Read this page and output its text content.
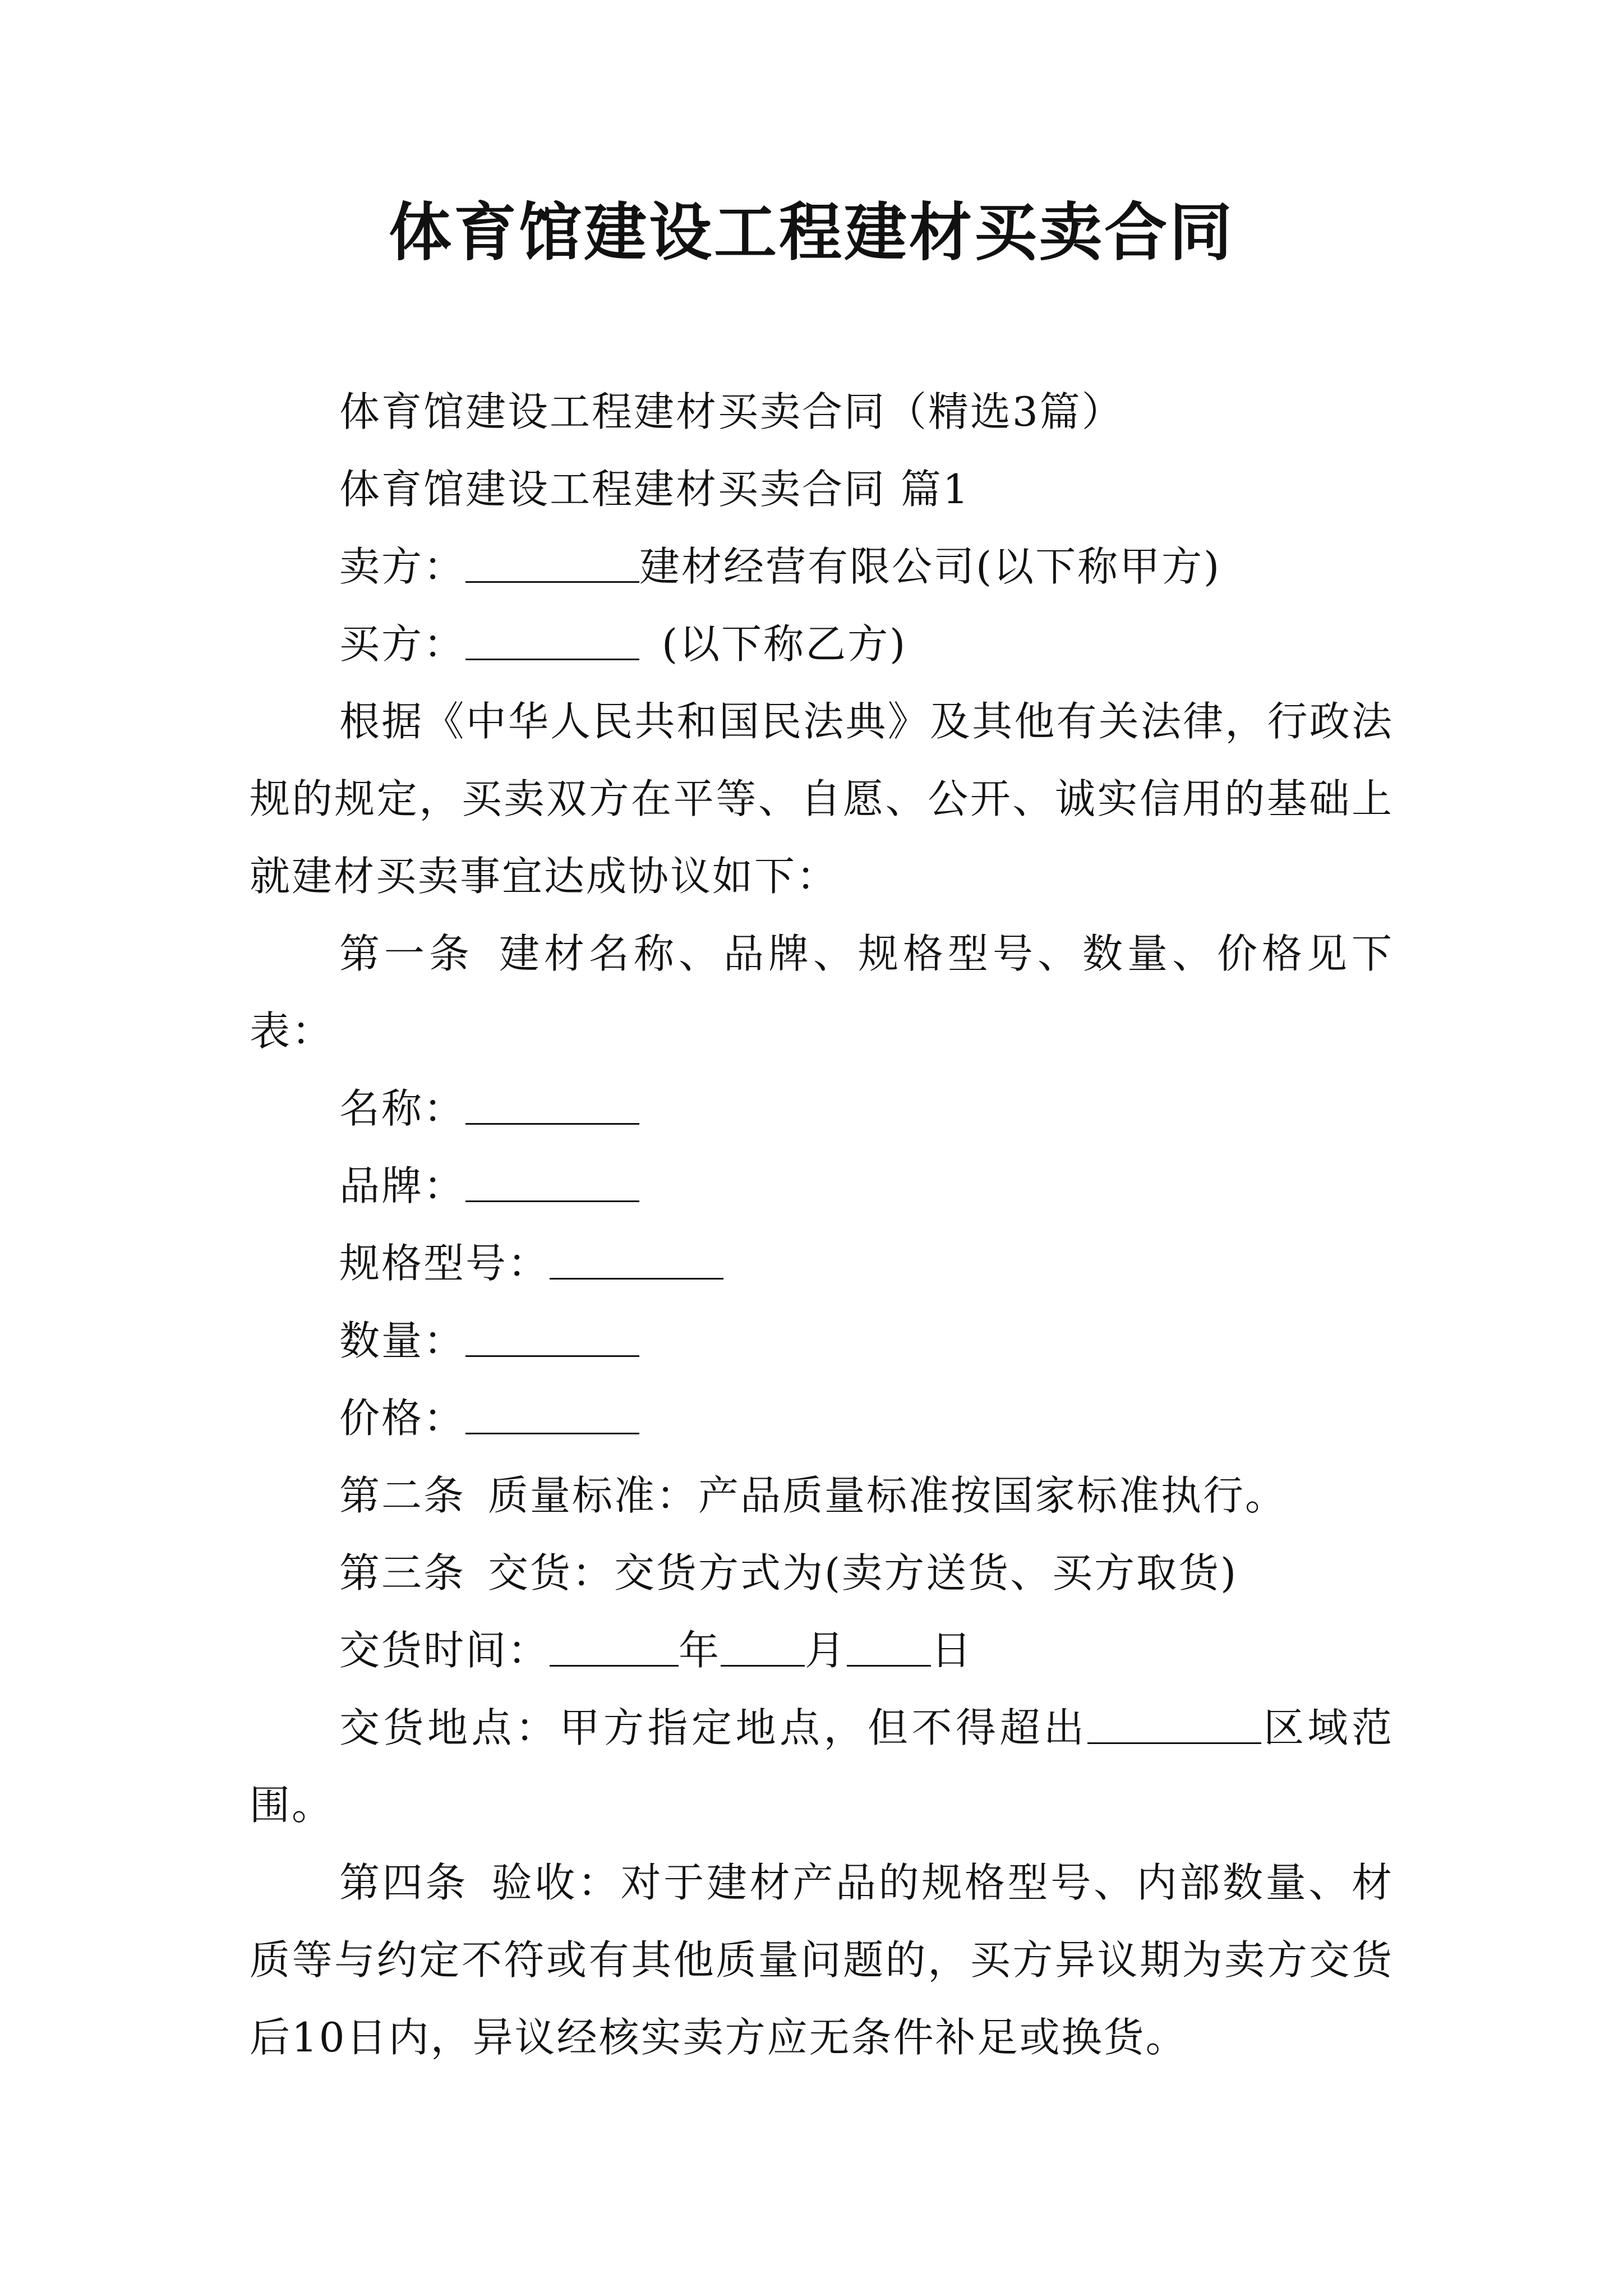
体育馆建设工程建材买卖合同

体育馆建设工程建材买卖合同（精选3篇）

体育馆建设工程建材买卖合同 篇1

卖方：	建材经营有限公司(以下称甲方)

买方：	(以下称乙方)

根据《中华人民共和国民法典》及其他有关法律，行政法规的规定，买卖双方在平等、自愿、公开、诚实信用的基础上就建材买卖事宜达成协议如下：

第一条 建材名称、品牌、规格型号、数量、价格见下表：

名称：

品牌：

规格型号：

数量：

价格：

第二条 质量标准：产品质量标准按国家标准执行。

第三条 交货：交货方式为(卖方送货、买方取货)

交货时间：	年 月 日

交货地点：甲方指定地点，但不得超出	区域范围。

第四条 验收：对于建材产品的规格型号、内部数量、材质等与约定不符或有其他质量问题的，买方异议期为卖方交货后10日内，异议经核实卖方应无条件补足或换货。
